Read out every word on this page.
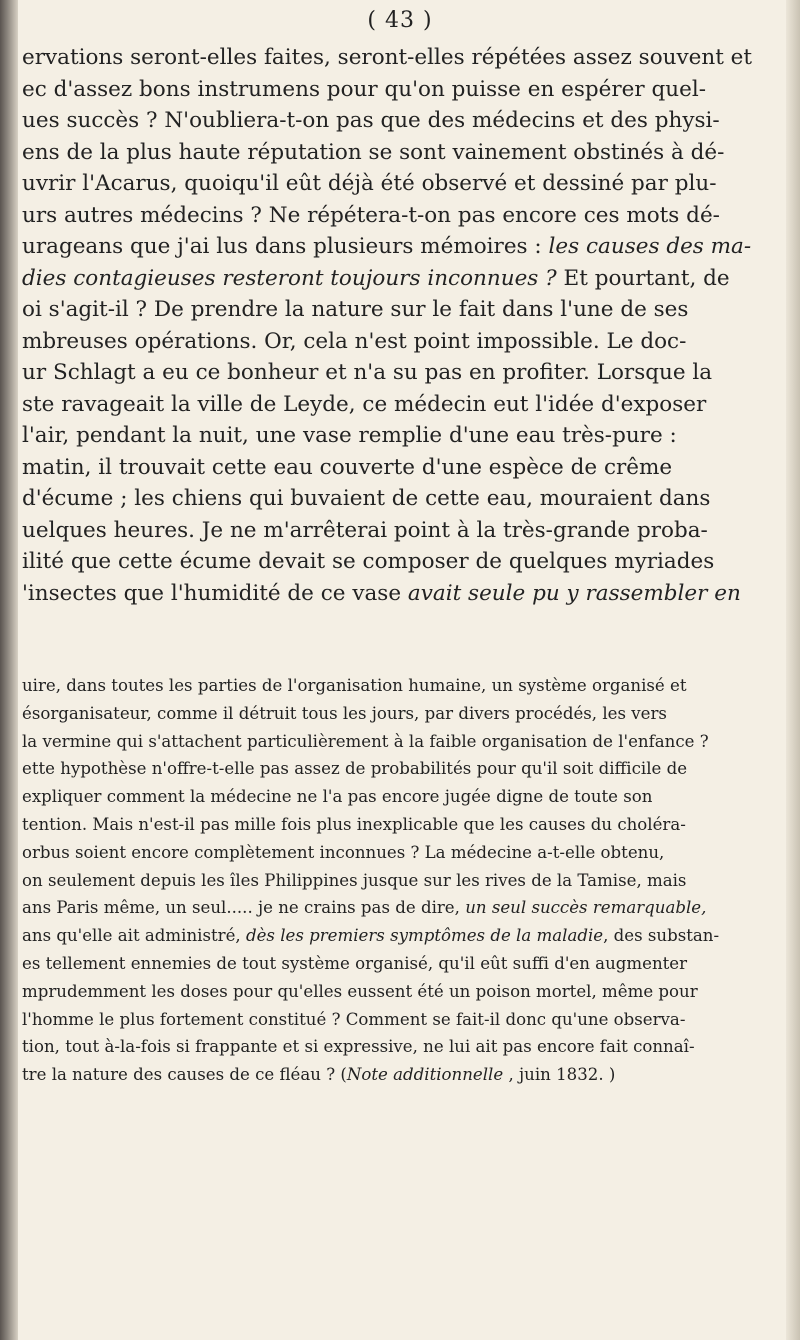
( 43 )
ervations seront-elles faites, seront-elles répétées assez souvent et
ec d'assez bons instrumens pour qu'on puisse en espérer quel-
ues succès ? N'oubliera-t-on pas que des médecins et des physi-
ens de la plus haute réputation se sont vainement obstinés à dé-
uvrir l'Acarus, quoiqu'il eût déjà été observé et dessiné par plu-
urs autres médecins ? Ne répétera-t-on pas encore ces mots dé-
urageans que j'ai lus dans plusieurs mémoires : les causes des ma-
dies contagieuses resteront toujours inconnues ? Et pourtant, de
oi s'agit-il ? De prendre la nature sur le fait dans l'une de ses
mbreuses opérations. Or, cela n'est point impossible. Le doc-
ur Schlagt a eu ce bonheur et n'a su pas en profiter. Lorsque la
ste ravageait la ville de Leyde, ce médecin eut l'idée d'exposer
l'air, pendant la nuit, une vase remplie d'une eau très-pure :
matin, il trouvait cette eau couverte d'une espèce de crême
d'écume ; les chiens qui buvaient de cette eau, mouraient dans
uelques heures. Je ne m'arrêterai point à la très-grande proba-
ilité que cette écume devait se composer de quelques myriades
'insectes que l'humidité de ce vase avait seule pu y rassembler en
uire, dans toutes les parties de l'organisation humaine, un système organisé et
ésorganisateur, comme il détruit tous les jours, par divers procédés, les vers
la vermine qui s'attachent particulièrement à la faible organisation de l'enfance ?
ette hypothèse n'offre-t-elle pas assez de probabilités pour qu'il soit difficile de
expliquer comment la médecine ne l'a pas encore jugée digne de toute son
tention. Mais n'est-il pas mille fois plus inexplicable que les causes du choléra-
orbus soient encore complètement inconnues ? La médecine a-t-elle obtenu,
on seulement depuis les îles Philippines jusque sur les rives de la Tamise, mais
ans Paris même, un seul..... je ne crains pas de dire, un seul succès remarquable,
ans qu'elle ait administré, dès les premiers symptômes de la maladie, des substan-
es tellement ennemies de tout système organisé, qu'il eût suffi d'en augmenter
mprudemment les doses pour qu'elles eussent été un poison mortel, même pour
l'homme le plus fortement constitué ? Comment se fait-il donc qu'une observa-
tion, tout à-la-fois si frappante et si expressive, ne lui ait pas encore fait connaî-
tre la nature des causes de ce fléau ? (Note additionnelle , juin 1832. )
